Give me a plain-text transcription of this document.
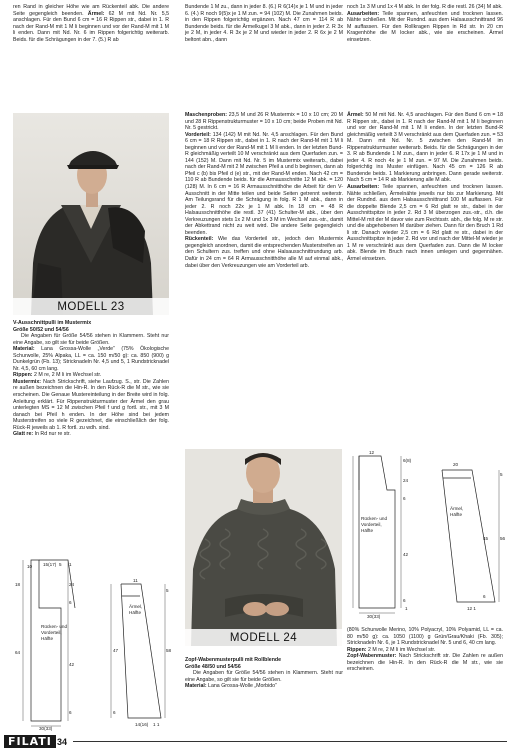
ren Rand in gleicher Höhe wie am Rückenteil abk. Die andere Seite gegengleich beenden. Ärmel: 62 M mit Nd. Nr. 5,5 anschlagen. Für den Bund 6 cm = 16 R Rippen str., dabei in 1. R nach der Rand-M mit 1 M li beginnen und vor der Rand-M mit 1 M li enden. Dann mit Nd. Nr. 6 im Rippen folgerichtig weiterarb. Beids. für die Schrägungen in der 7. (5.) R ab

MODELL 23

V-Ausschnittpulli im Mustermix

Größe 50/52 und 54/56

Die Angaben für Größe 54/56 stehen in Klammern. Steht nur eine Angabe, so gilt sie für beide Größen.

Material: Lana Grossa-Wolle „Verde“ (75% Ökologische Schurwolle, 25% Alpaka, LL = ca. 150 m/50 g): ca. 850 (900) g Dunkelgrün (Fb. 13); Stricknadeln Nr. 4,5 und 5, 1 Rundstricknadel Nr. 4,5, 60 cm lang.

Rippen: 2 M re, 2 M li im Wechsel str.

Mustermix: Nach Strickschrift, siehe Laufzug. S., str. Die Zahlen re außen bezeichnen die Hin-R. In den Rück-R die M str., wie sie erscheinen. Die Genaue Mustereinteilung in der Breite wird in folg. Anleitung erklärt. Für Rippenstrukturmuster der Ärmel den grau unterlegten MS = 12 M zwischen Pfeil f und g fortl. str., mit 3 M danach bei Pfeil h enden. In der Höhe sind bei jedem Musterstreifen so viele R gezeichnet, die einschließlich der folg. Rück-R jeweils ab 1. R fortl. zu wdh. sind.

Glatt re: In Rd nur re str.

10 15(17) 5 1
18	24
6
64
42
6
30(33)
Rücken- und
Vorderteil,
Hälfte
Ärmel,
Hälfte
11
5
58
47
6
14(16) 1 1

Bundende 1 M zu., dann in jeder 8. (6.) R 6(14)x je 1 M und in jeder 6. (4.) R noch 9(5)x je 1 M zun. = 94 (102) M. Die Zunahmen beids. in den Rippen folgerichtig ergänzen. Nach 47 cm = 114 R ab Bundende beids. für die Ärmelkugel 3 M abk., dann in jeder 2. R 3x je 2 M, in jeder 4. R 3x je 2 M und wieder in jeder 2. R 6x je 2 M beltont abn., dann

Maschenproben: 23,5 M und 26 R Mustermix = 10 x 10 cm; 20 M und 28 R Rippenstrukturmuster = 10 x 10 cm; beide Proben mit Nd. Nr. 5 gestrickt.

Vorderteil: 134 (142) M mit Nd. Nr. 4,5 anschlagen. Für den Bund 6 cm = 18 R Rippen str., dabei in 1. R nach der Rand-M mit 1 M li beginnen und vor der Rand-M mit 1 M li enden. In der letzten Bund-R gleichmäßig verteilt 10 M verschränkt aus dem Querfaden zun. = 144 (152) M. Dann mit Nd. Nr. 5 im Mustermix weiterarb., dabei nach der Rand-M mit 2 M zwischen Pfeil a und b beginnen, dann ab Pfeil c (b) bis Pfeil d (e) str., mit der Rand-M enden. Nach 42 cm = 110 R ab Bundende beids. für die Armausschnitte 12 M abk. = 120 (128) M. In 6 cm = 16 R Armausschnitthöhe die Arbeit für den V-Ausschnitt in der Mitte teilen und beide Seiten getrennt weiterstr. Am Teilungsrand für die Schrägung in folg. R 1 M abk., dann in jeder 2. R noch 22x je 1 M abk. In 18 cm = 48 R Halsausschnitthöhe die restl. 37 (41) Schulter-M abk., über den Verkreuzungen stets 1x 2 M und 1x 3 M im Wechsel zus.-str., damit der Abkettrand nicht zu weit wird. Die andere Seite gegengleich beenden.

Rückenteil: Wie das Vorderteil str., jedoch den Mustermix gegengleich anordnen, damit die entsprechenden Musterstreifen an den Schultern zus. treffen und ohne Halsausschnittrundung arb. Dafür in 24 cm = 64 R Armausschnitthöhe alle M auf einmal abk., dabei über den Verkreuzungen wie am Vorderteil arb.

MODELL 24

Zopf-Wabenmusterpulli mit Rollblende

Größe 48/50 und 54/56

Die Angaben für Größe 54/56 stehen in Klammern. Steht nur eine Angabe, so gilt sie für beide Größen.

Material: Lana Grossa-Wolle „Morbido“

noch 1x 3 M und 1x 4 M abk. In der folg. R die restl. 26 (34) M abk.

Ausarbeiten: Teile spannen, anfeuchten und trocknen lassen. Nähte schließen. Mit der Rundnd. aus dem Halsausschnittrand 96 M auffassen. Für den Rollkragen Rippen in Rd str. In 20 cm Kragenhöhe die M locker abk., wie sie erscheinen. Ärmel einsetzen.

Ärmel: 50 M mit Nd. Nr. 4,5 anschlagen. Für den Bund 6 cm = 18 R Rippen str., dabei in 1. R nach der Rand-M mit 1 M li beginnen und vor der Rand-M mit 1 M li enden. In der letzten Bund-R gleichmäßig verteilt 3 M verschränkt aus dem Querfaden zun. = 53 M. Dann mit Nd. Nr. 5 zwischen den Rand-M im Rippenstrukturmuster weiterarb. Beids. für die Schrägungen in der 3. R ab Bundende 1 M zun., dann in jeder 6. R 17x je 1 M und in jeder 4. R noch 4x je 1 M zun. = 97 M. Die Zunahmen beids. folgerichtig ins Muster einfügen. Nach 45 cm = 126 R ab Bundende beids. 1 Markierung anbringen. Dann gerade weiterstr. Nach 5 cm = 14 R ab Markierung alle M abk.

Ausarbeiten: Teile spannen, anfeuchten und trocknen lassen. Nähte schließen, Ärmelnähte jeweils nur bis zur Markierung. Mit der Rundnd. aus dem Halsausschnittrand 100 M auffassen. Für die doppelte Blende 2,5 cm = 6 Rd glatt re str., dabei in der Ausschnittspitze in jeder 2. Rd 3 M überzogen zus.-str., d.h. die Mittel-M mit der M davor wie zum Rechtsstr. abh., die folg. M re str. und die abgehobenen M darüber ziehen. Dann für den Bruch 1 Rd li str. Danach wieder 2,5 cm = 6 Rd glatt re str., dabei in der Ausschnittspitze in jeder 2. Rd vor und nach der Mittel-M wieder je 1 M re verschränkt aus dem Querfaden zun. Dann die M locker abk. Blende im Bruch nach innen umlegen und gegennähen. Ärmel einsetzen.

12
6(8)
24
6
42
6
1
30(33)
Rücken- und
Vorderteil,
Hälfte
Ärmel,
Hälfte
20
5
56
45
6
12 1

(80% Schurwolle Merino, 10% Polyacryl, 10% Polyamid, LL = ca. 80 m/50 g): ca. 1050 (1100) g Grün/Grau/Khaki (Fb. 305); Stricknadeln Nr. 6, je 1 Rundstricknadel Nr. 5 und 6, 40 cm lang.

Rippen: 2 M re, 2 M li im Wechsel str.

Zopf-Wabenmuster: Nach Strickschrift str. Die Zahlen re außen bezeichnen die Hin-R. In den Rück-R die M str., wie sie erscheinen.

FILATI 34
